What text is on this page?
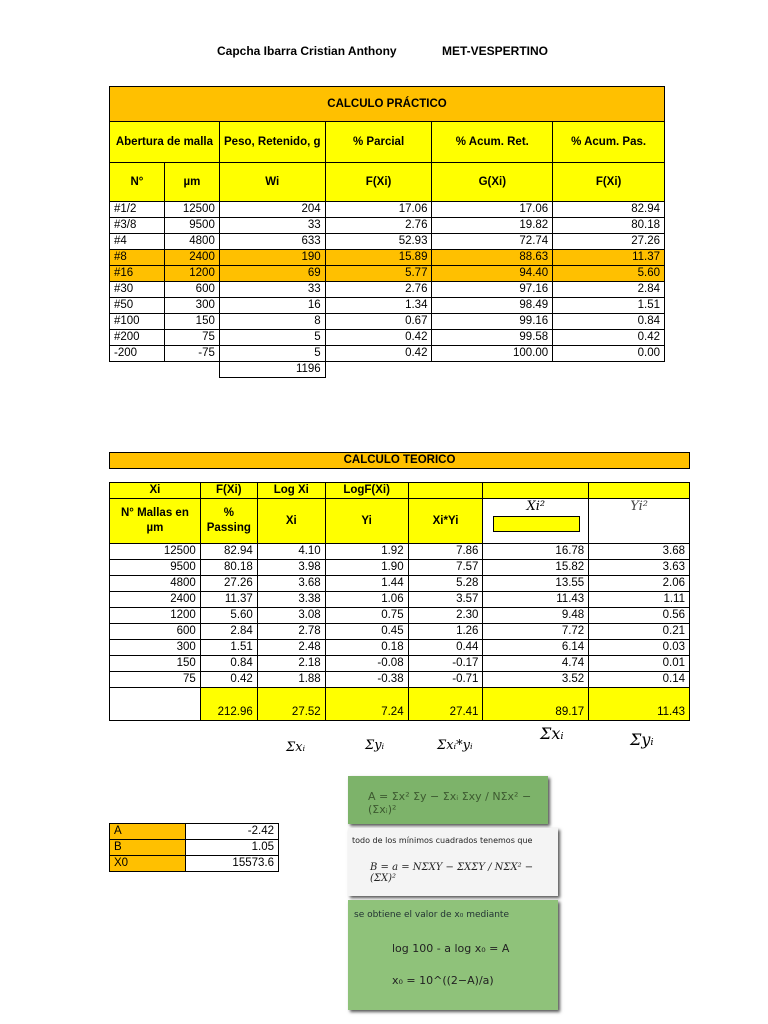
Capcha Ibarra Cristian Anthony	MET-VESPERTINO
CALCULO PRÁCTICO					
Abertura de malla		Peso, Retenido, g	% Parcial	% Acum. Ret.	% Acum. Pas.
N°	µm	Wi	F(Xi)	G(Xi)	F(Xi)
#1/2	12500	204	17.06	17.06	82.94
#3/8	9500	33	2.76	19.82	80.18
#4	4800	633	52.93	72.74	27.26
#8	2400	190	15.89	88.63	11.37
#16	1200	69	5.77	94.40	5.60
#30	600	33	2.76	97.16	2.84
#50	300	16	1.34	98.49	1.51
#100	150	8	0.67	99.16	0.84
#200	75	5	0.42	99.58	0.42
-200	-75	5	0.42	100.00	0.00
		1196			
CALCULO TEORICO
Xi	F(Xi)	Log Xi	LogF(Xi)			
N° Mallas en µm	% Passing	Xi	Yi	Xi*Yi	Xi²	Yi²
12500	82.94	4.10	1.92	7.86	16.78	3.68
9500	80.18	3.98	1.90	7.57	15.82	3.63
4800	27.26	3.68	1.44	5.28	13.55	2.06
2400	11.37	3.38	1.06	3.57	11.43	1.11
1200	5.60	3.08	0.75	2.30	9.48	0.56
600	2.84	2.78	0.45	1.26	7.72	0.21
300	1.51	2.48	0.18	0.44	6.14	0.03
150	0.84	2.18	-0.08	-0.17	4.74	0.01
75	0.42	1.88	-0.38	-0.71	3.52	0.14
	212.96	27.52	7.24	27.41	89.17	11.43
Σxᵢ	Σyᵢ	Σxᵢ*yᵢ
Σxᵢ	Σyᵢ
A	-2.42
B	1.05
X0	15573.6
A = Σx² Σy − Σxᵢ Σxy / NΣx² − (Σxᵢ)²
todo de los mínimos cuadrados tenemos que
B = a = NΣXY − ΣXΣY / NΣX² − (ΣX)²
se obtiene el valor de x₀ mediante
log 100 - a log x₀ = A
x₀ = 10^((2−A)/a)
